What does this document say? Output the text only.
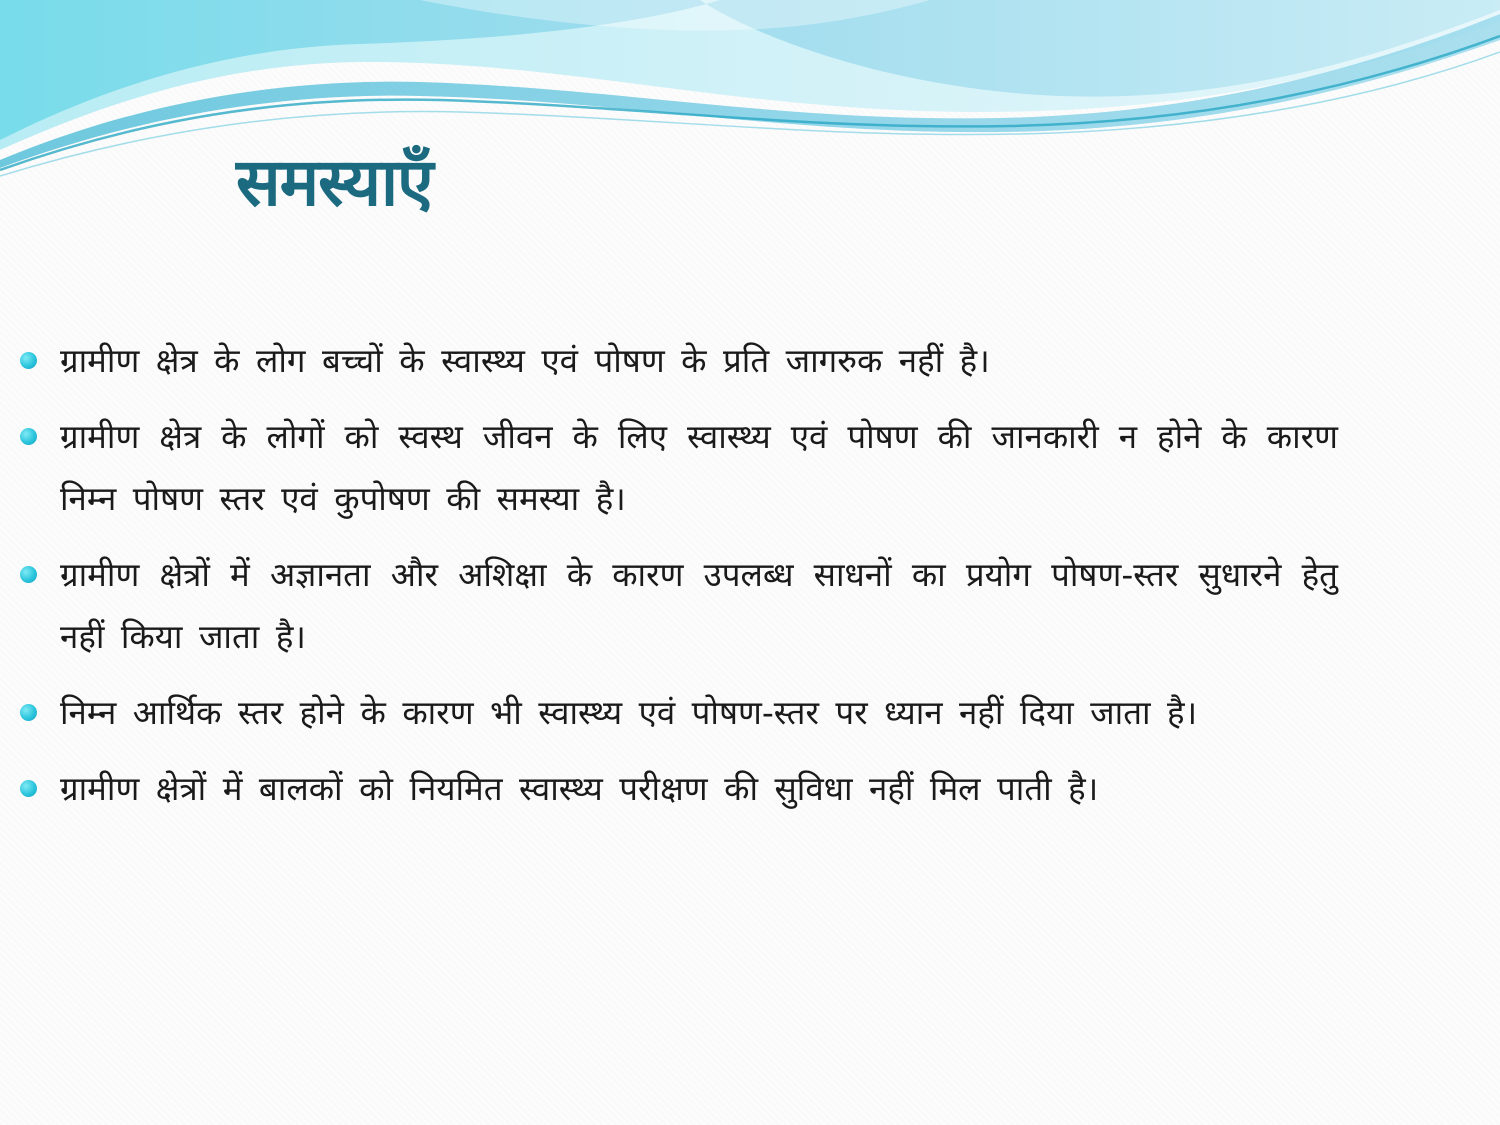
समस्याऍं
ग्रामीण क्षेत्र के लोग बच्चों के स्वास्थ्य एवं पोषण के प्रति जागरुक नहीं है।
ग्रामीण क्षेत्र के लोगों को स्वस्थ जीवन के लिए स्वास्थ्य एवं पोषण की जानकारी न होने के कारण निम्न पोषण स्तर एवं कुपोषण की समस्या है।
ग्रामीण क्षेत्रों में अज्ञानता और अशिक्षा के कारण उपलब्ध साधनों का प्रयोग पोषण-स्तर सुधारने हेतु नहीं किया जाता है।
निम्न आर्थिक स्तर होने के कारण भी स्वास्थ्य एवं पोषण-स्तर पर ध्यान नहीं दिया जाता है।
ग्रामीण क्षेत्रों में बालकों को नियमित स्वास्थ्य परीक्षण की सुविधा नहीं मिल पाती है।
